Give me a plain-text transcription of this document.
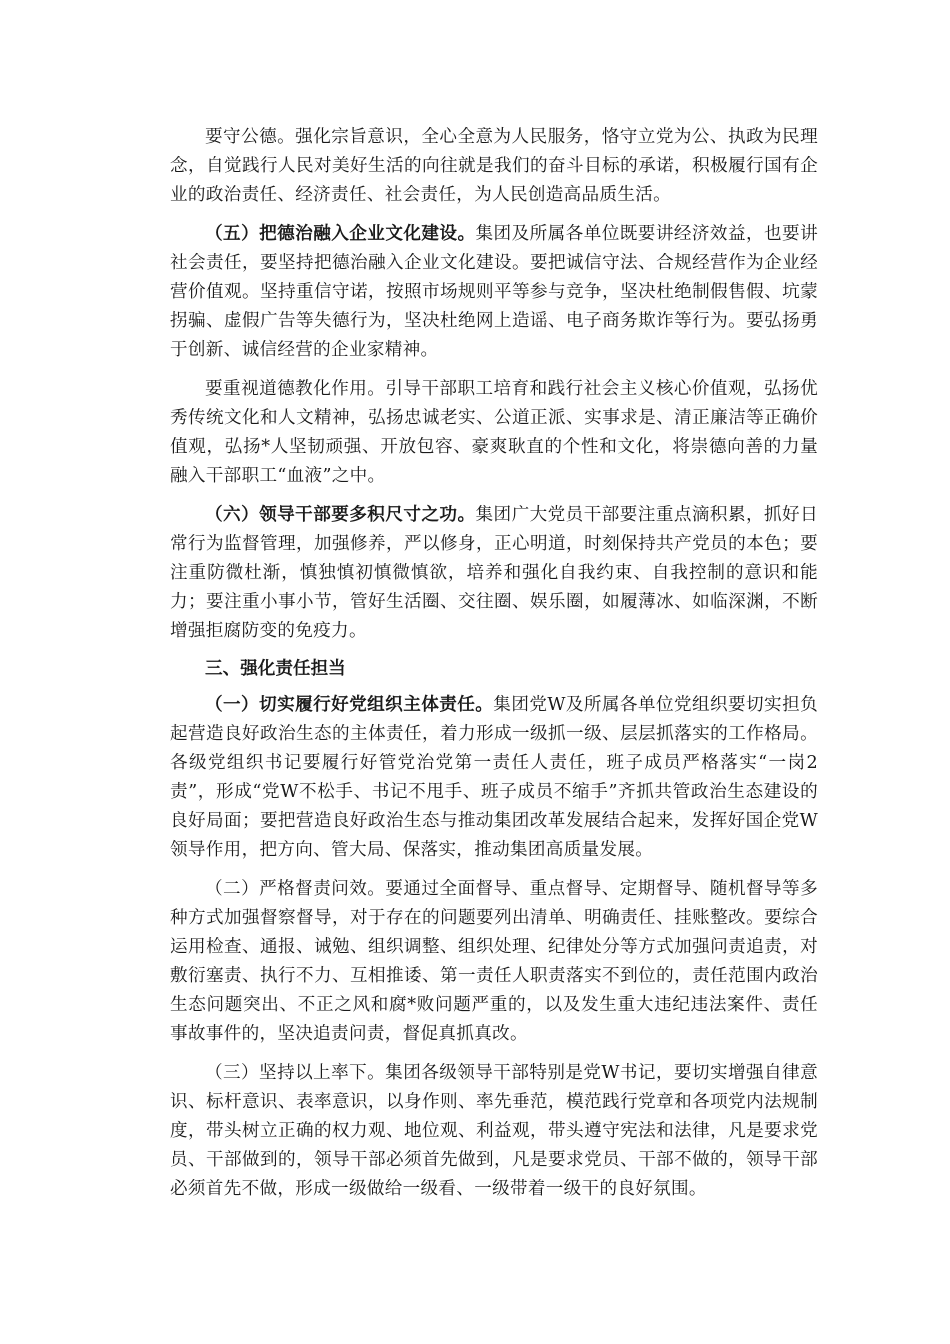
要守公德。强化宗旨意识，全心全意为人民服务，恪守立党为公、执政为民理念，自觉践行人民对美好生活的向往就是我们的奋斗目标的承诺，积极履行国有企业的政治责任、经济责任、社会责任，为人民创造高品质生活。

（五）把德治融入企业文化建设。集团及所属各单位既要讲经济效益，也要讲社会责任，要坚持把德治融入企业文化建设。要把诚信守法、合规经营作为企业经营价值观。坚持重信守诺，按照市场规则平等参与竞争，坚决杜绝制假售假、坑蒙拐骗、虚假广告等失德行为，坚决杜绝网上造谣、电子商务欺诈等行为。要弘扬勇于创新、诚信经营的企业家精神。

要重视道德教化作用。引导干部职工培育和践行社会主义核心价值观，弘扬优秀传统文化和人文精神，弘扬忠诚老实、公道正派、实事求是、清正廉洁等正确价值观，弘扬*人坚韧顽强、开放包容、豪爽耿直的个性和文化，将崇德向善的力量融入干部职工“血液”之中。

（六）领导干部要多积尺寸之功。集团广大党员干部要注重点滴积累，抓好日常行为监督管理，加强修养，严以修身，正心明道，时刻保持共产党员的本色；要注重防微杜渐，慎独慎初慎微慎欲，培养和强化自我约束、自我控制的意识和能力；要注重小事小节，管好生活圈、交往圈、娱乐圈，如履薄冰、如临深渊，不断增强拒腐防变的免疫力。

三、强化责任担当

（一）切实履行好党组织主体责任。集团党W及所属各单位党组织要切实担负起营造良好政治生态的主体责任，着力形成一级抓一级、层层抓落实的工作格局。各级党组织书记要履行好管党治党第一责任人责任，班子成员严格落实“一岗2责”，形成“党W不松手、书记不甩手、班子成员不缩手”齐抓共管政治生态建设的良好局面；要把营造良好政治生态与推动集团改革发展结合起来，发挥好国企党W领导作用，把方向、管大局、保落实，推动集团高质量发展。

（二）严格督责问效。要通过全面督导、重点督导、定期督导、随机督导等多种方式加强督察督导，对于存在的问题要列出清单、明确责任、挂账整改。要综合运用检查、通报、诫勉、组织调整、组织处理、纪律处分等方式加强问责追责，对敷衍塞责、执行不力、互相推诿、第一责任人职责落实不到位的，责任范围内政治生态问题突出、不正之风和腐*败问题严重的，以及发生重大违纪违法案件、责任事故事件的，坚决追责问责，督促真抓真改。

（三）坚持以上率下。集团各级领导干部特别是党W书记，要切实增强自律意识、标杆意识、表率意识，以身作则、率先垂范，模范践行党章和各项党内法规制度，带头树立正确的权力观、地位观、利益观，带头遵守宪法和法律，凡是要求党员、干部做到的，领导干部必须首先做到，凡是要求党员、干部不做的，领导干部必须首先不做，形成一级做给一级看、一级带着一级干的良好氛围。
